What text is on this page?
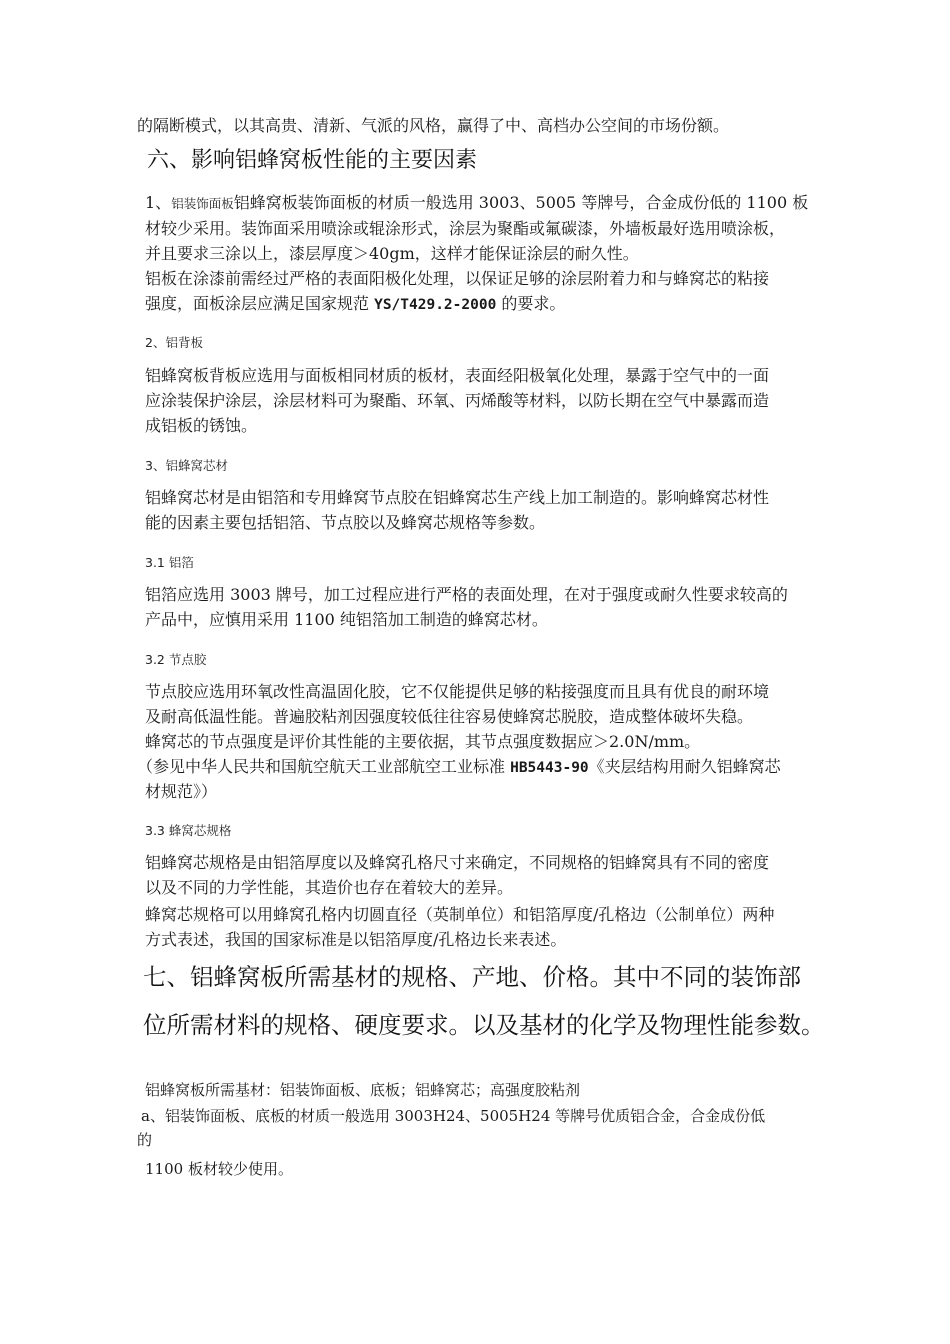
的隔断模式，以其高贵、清新、气派的风格，赢得了中、高档办公空间的市场份额。

六、影响铝蜂窝板性能的主要因素

1、铝装饰面板铝蜂窝板装饰面板的材质一般选用 3003、5005 等牌号，合金成份低的 1100 板

材较少采用。装饰面采用喷涂或辊涂形式，涂层为聚酯或氟碳漆，外墙板最好选用喷涂板，

并且要求三涂以上，漆层厚度＞40gm，这样才能保证涂层的耐久性。

铝板在涂漆前需经过严格的表面阳极化处理，以保证足够的涂层附着力和与蜂窝芯的粘接

强度，面板涂层应满足国家规范 YS/T429.2-2000 的要求。

2、铝背板

铝蜂窝板背板应选用与面板相同材质的板材，表面经阳极氧化处理，暴露于空气中的一面

应涂装保护涂层，涂层材料可为聚酯、环氧、丙烯酸等材料，以防长期在空气中暴露而造

成铝板的锈蚀。

3、铝蜂窝芯材

铝蜂窝芯材是由铝箔和专用蜂窝节点胶在铝蜂窝芯生产线上加工制造的。影响蜂窝芯材性

能的因素主要包括铝箔、节点胶以及蜂窝芯规格等参数。

3.1 铝箔

铝箔应选用 3003 牌号，加工过程应进行严格的表面处理，在对于强度或耐久性要求较高的

产品中，应慎用采用 1100 纯铝箔加工制造的蜂窝芯材。

3.2 节点胶

节点胶应选用环氧改性高温固化胶，它不仅能提供足够的粘接强度而且具有优良的耐环境

及耐高低温性能。普遍胶粘剂因强度较低往往容易使蜂窝芯脱胶，造成整体破坏失稳。

蜂窝芯的节点强度是评价其性能的主要依据，其节点强度数据应＞2.0N/mm。

（参见中华人民共和国航空航天工业部航空工业标准 HB5443-90《夹层结构用耐久铝蜂窝芯

材规范》）

3.3 蜂窝芯规格

铝蜂窝芯规格是由铝箔厚度以及蜂窝孔格尺寸来确定，不同规格的铝蜂窝具有不同的密度

以及不同的力学性能，其造价也存在着较大的差异。

蜂窝芯规格可以用蜂窝孔格内切圆直径（英制单位）和铝箔厚度/孔格边（公制单位）两种

方式表述，我国的国家标准是以铝箔厚度/孔格边长来表述。

七、铝蜂窝板所需基材的规格、产地、价格。其中不同的装饰部
位所需材料的规格、硬度要求。以及基材的化学及物理性能参数。

铝蜂窝板所需基材：铝装饰面板、底板；铝蜂窝芯；高强度胶粘剂

a、铝装饰面板、底板的材质一般选用 3003H24、5005H24 等牌号优质铝合金，合金成份低

的

1100 板材较少使用。
